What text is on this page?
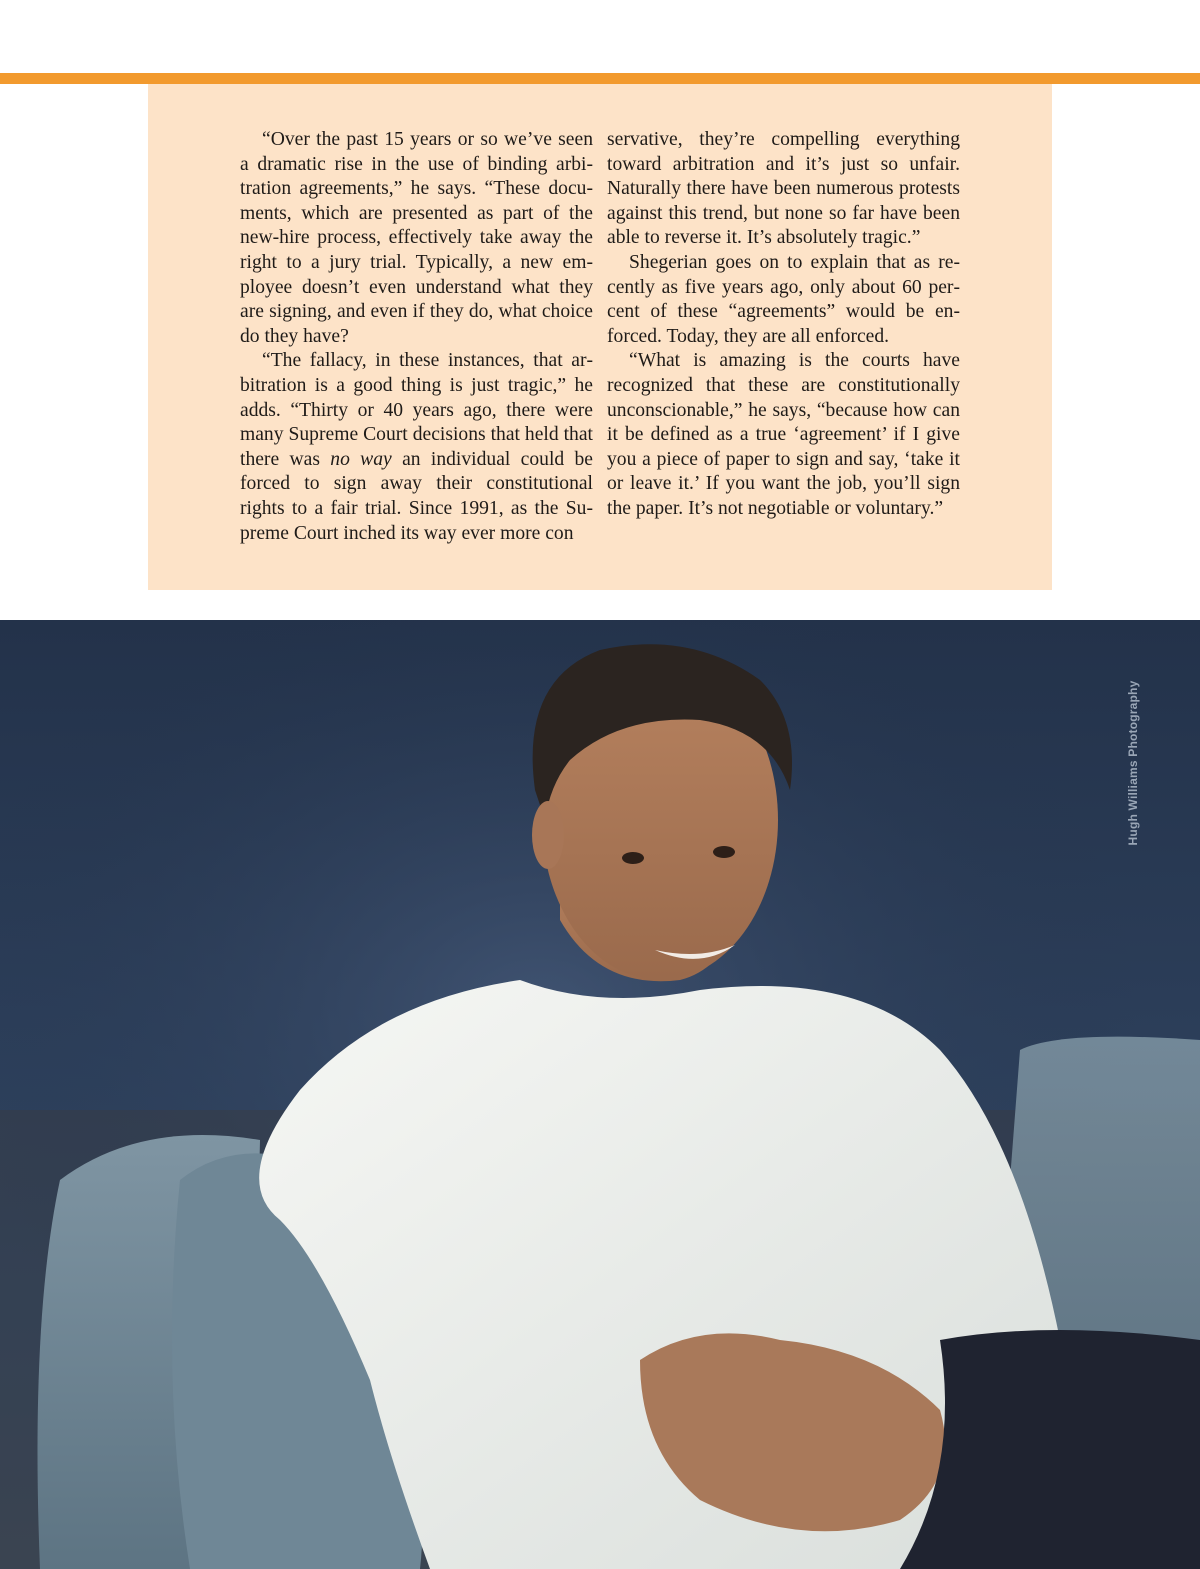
“Over the past 15 years or so we’ve seen a dramatic rise in the use of binding arbitration agreements,” he says. “These documents, which are presented as part of the new-hire process, effectively take away the right to a jury trial. Typically, a new employee doesn’t even understand what they are signing, and even if they do, what choice do they have?

“The fallacy, in these instances, that arbitration is a good thing is just tragic,” he adds. “Thirty or 40 years ago, there were many Supreme Court decisions that held that there was no way an individual could be forced to sign away their constitutional rights to a fair trial. Since 1991, as the Supreme Court inched its way ever more con

servative, they’re compelling everything toward arbitration and it’s just so unfair. Naturally there have been numerous protests against this trend, but none so far have been able to reverse it. It’s absolutely tragic.”

Shegerian goes on to explain that as recently as five years ago, only about 60 percent of these “agreements” would be enforced. Today, they are all enforced.

“What is amazing is the courts have recognized that these are constitutionally unconscionable,” he says, “because how can it be defined as a true ‘agreement’ if I give you a piece of paper to sign and say, ‘take it or leave it.’ If you want the job, you’ll sign the paper. It’s not negotiable or voluntary.”

Hugh Williams Photography
